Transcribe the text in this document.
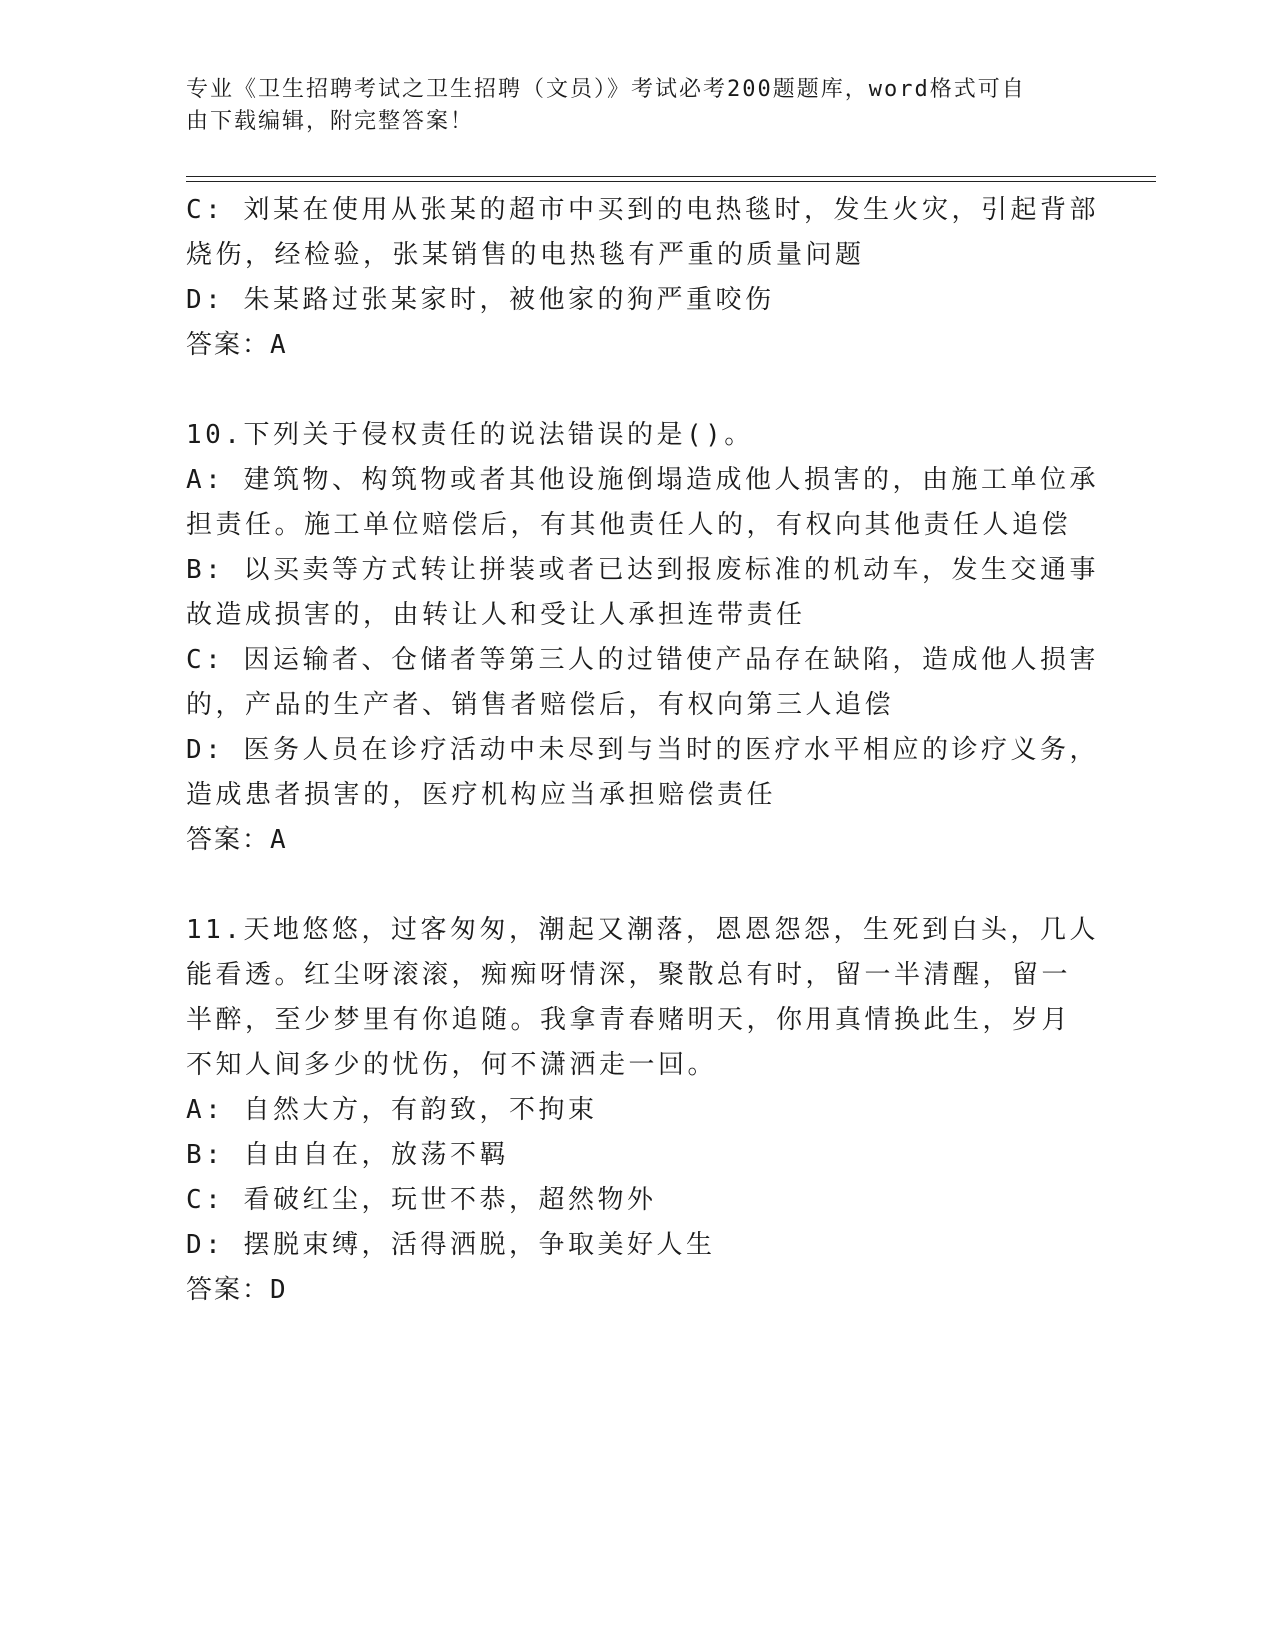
专业《卫生招聘考试之卫生招聘（文员）》考试必考200题题库，word格式可自
由下载编辑，附完整答案！
C: 刘某在使用从张某的超市中买到的电热毯时，发生火灾，引起背部
烧伤，经检验，张某销售的电热毯有严重的质量问题
D: 朱某路过张某家时，被他家的狗严重咬伤
答案：A
10.下列关于侵权责任的说法错误的是()。
A: 建筑物、构筑物或者其他设施倒塌造成他人损害的，由施工单位承
担责任。施工单位赔偿后，有其他责任人的，有权向其他责任人追偿
B: 以买卖等方式转让拼装或者已达到报废标准的机动车，发生交通事
故造成损害的，由转让人和受让人承担连带责任
C: 因运输者、仓储者等第三人的过错使产品存在缺陷，造成他人损害
的，产品的生产者、销售者赔偿后，有权向第三人追偿
D: 医务人员在诊疗活动中未尽到与当时的医疗水平相应的诊疗义务，
造成患者损害的，医疗机构应当承担赔偿责任
答案：A
11.天地悠悠，过客匆匆，潮起又潮落，恩恩怨怨，生死到白头，几人
能看透。红尘呀滚滚，痴痴呀情深，聚散总有时，留一半清醒，留一
半醉，至少梦里有你追随。我拿青春赌明天，你用真情换此生，岁月
不知人间多少的忧伤，何不潇洒走一回。
A: 自然大方，有韵致，不拘束
B: 自由自在，放荡不羁
C: 看破红尘，玩世不恭，超然物外
D: 摆脱束缚，活得洒脱，争取美好人生
答案：D
